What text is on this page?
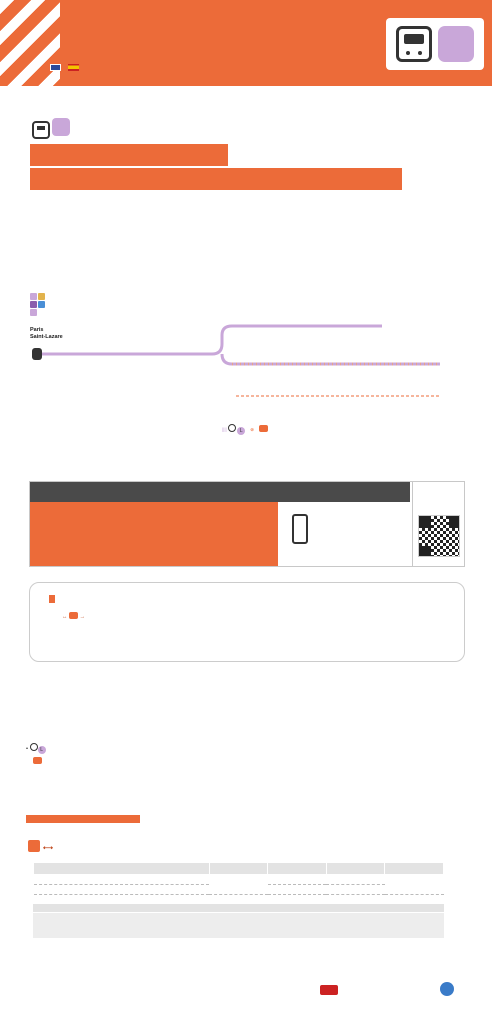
Paris
Saint-Lazare
||||	L ⊗
↔ →
• L
⟷
